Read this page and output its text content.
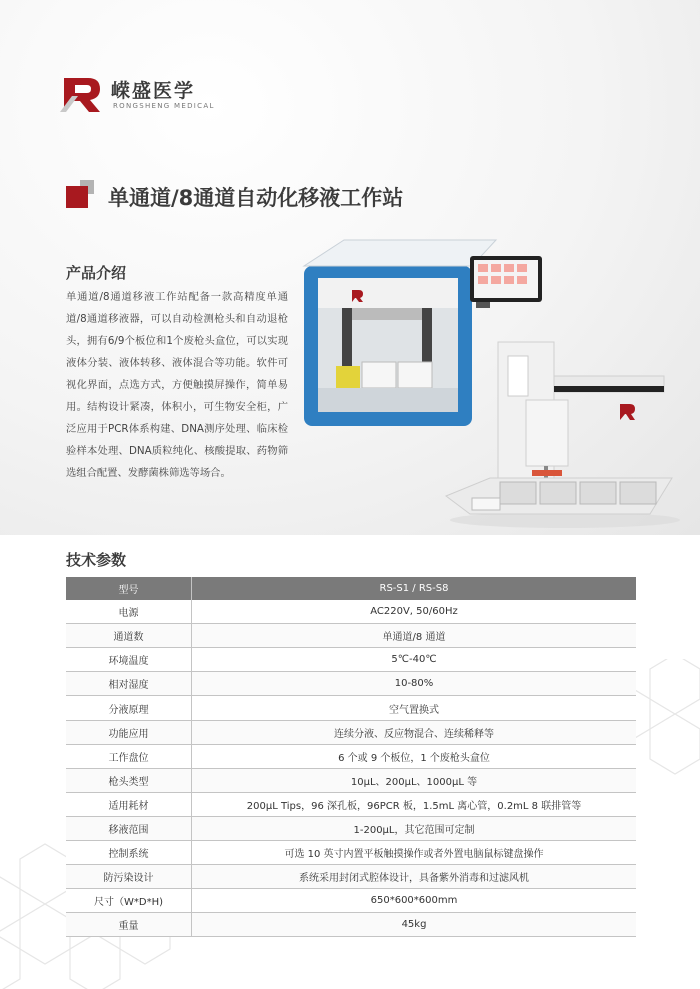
嵘盛医学
RONGSHENG MEDICAL
单通道/8通道自动化移液工作站
产品介绍
单通道/8通道移液工作站配备一款高精度单通道/8通道移液器，可以自动检测枪头和自动退枪头，拥有6/9个板位和1个废枪头盒位，可以实现液体分装、液体转移、液体混合等功能。软件可视化界面，点选方式，方便触摸屏操作，简单易用。结构设计紧凑，体积小，可生物安全柜，广泛应用于PCR体系构建、DNA测序处理、临床检验样本处理、DNA质粒纯化、核酸提取、药物筛选组合配置、发酵菌株筛选等场合。
技术参数
型号	RS-S1 / RS-S8
电源	AC220V, 50/60Hz
通道数	单通道/8 通道
环境温度	5℃-40℃
相对湿度	10-80%
分液原理	空气置换式
功能应用	连续分液、反应物混合、连续稀释等
工作盘位	6 个或 9 个板位，1 个废枪头盒位
枪头类型	10μL、200μL、1000μL 等
适用耗材	200μL Tips，96 深孔板，96PCR 板，1.5mL 离心管，0.2mL 8 联排管等
移液范围	1-200μL，其它范围可定制
控制系统	可选 10 英寸内置平板触摸操作或者外置电脑鼠标键盘操作
防污染设计	系统采用封闭式腔体设计，具备紫外消毒和过滤风机
尺寸（W*D*H)	650*600*600mm
重量	45kg
